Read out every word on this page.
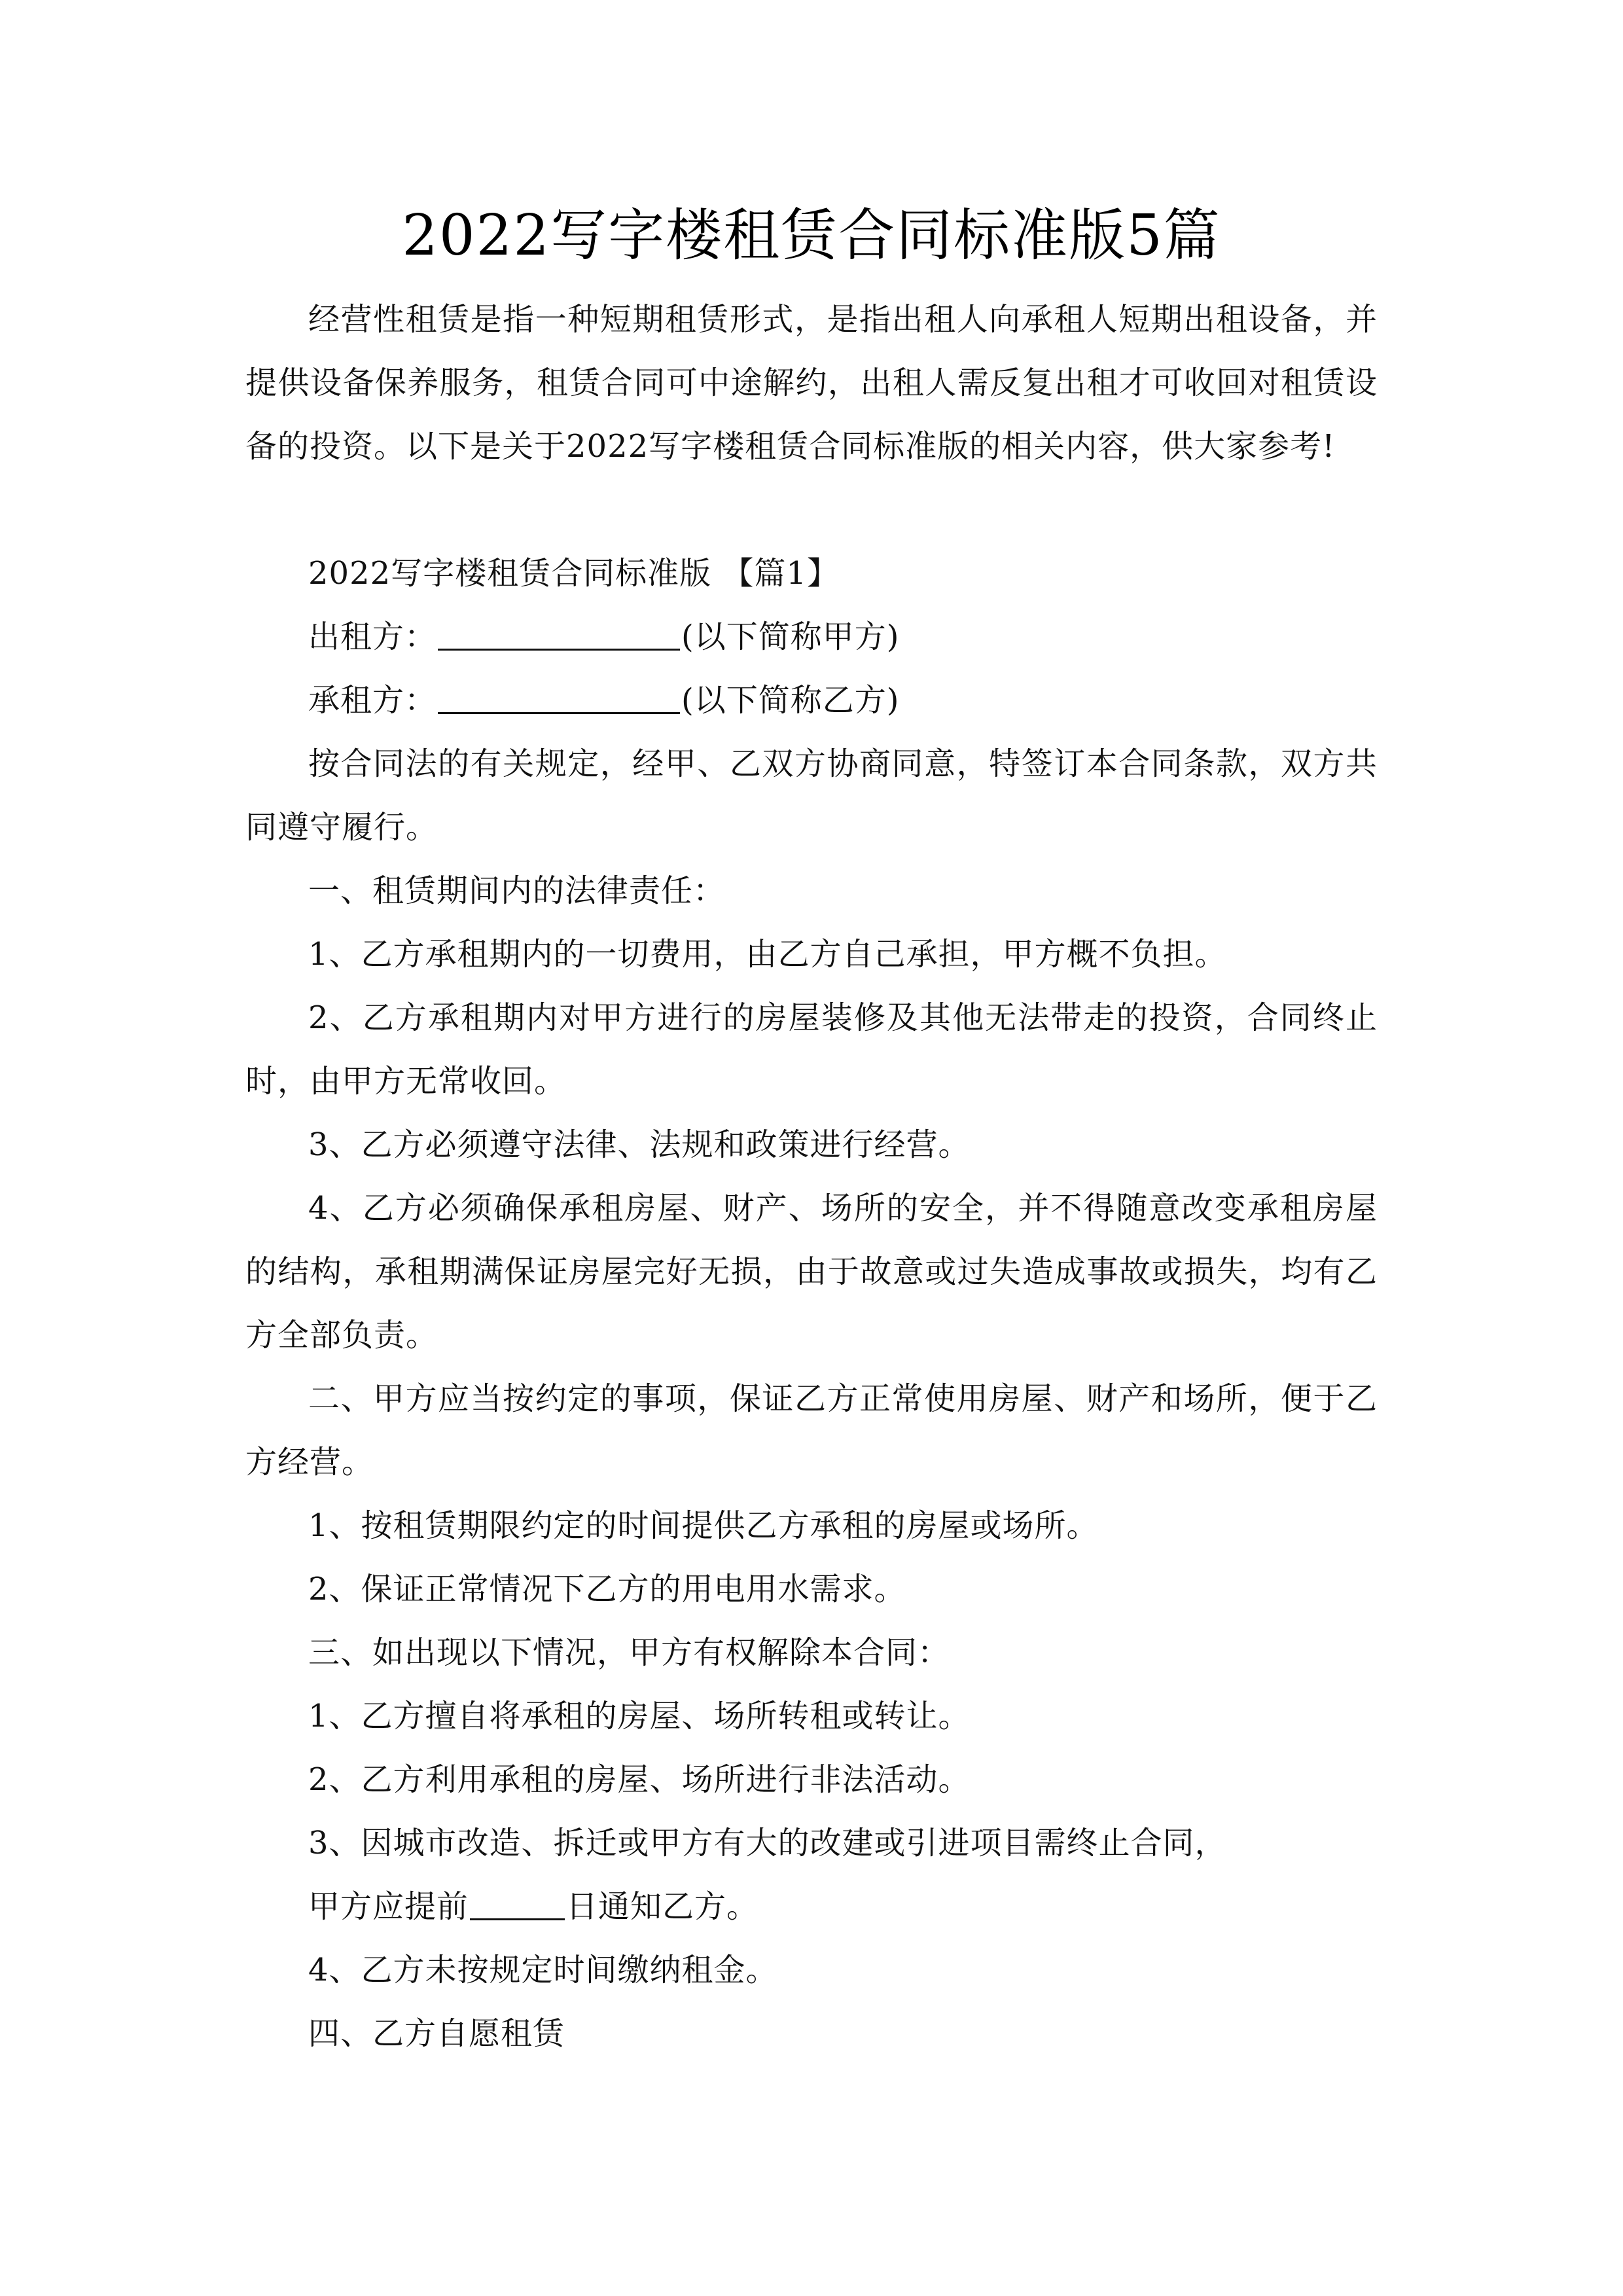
2022写字楼租赁合同标准版5篇

经营性租赁是指一种短期租赁形式，是指出租人向承租人短期出租设备，并提供设备保养服务，租赁合同可中途解约，出租人需反复出租才可收回对租赁设备的投资。以下是关于2022写字楼租赁合同标准版的相关内容，供大家参考!

2022写字楼租赁合同标准版 【篇1】

出租方：	(以下简称甲方)

承租方：	(以下简称乙方)

按合同法的有关规定，经甲、乙双方协商同意，特签订本合同条款，双方共同遵守履行。

一、租赁期间内的法律责任：

1、乙方承租期内的一切费用，由乙方自己承担，甲方概不负担。

2、乙方承租期内对甲方进行的房屋装修及其他无法带走的投资，合同终止时，由甲方无常收回。

3、乙方必须遵守法律、法规和政策进行经营。

4、乙方必须确保承租房屋、财产、场所的安全，并不得随意改变承租房屋的结构，承租期满保证房屋完好无损，由于故意或过失造成事故或损失，均有乙方全部负责。

二、甲方应当按约定的事项，保证乙方正常使用房屋、财产和场所，便于乙方经营。

1、按租赁期限约定的时间提供乙方承租的房屋或场所。

2、保证正常情况下乙方的用电用水需求。

三、如出现以下情况，甲方有权解除本合同：

1、乙方擅自将承租的房屋、场所转租或转让。

2、乙方利用承租的房屋、场所进行非法活动。

3、因城市改造、拆迁或甲方有大的改建或引进项目需终止合同，

甲方应提前	日通知乙方。

4、乙方未按规定时间缴纳租金。

四、乙方自愿租赁
